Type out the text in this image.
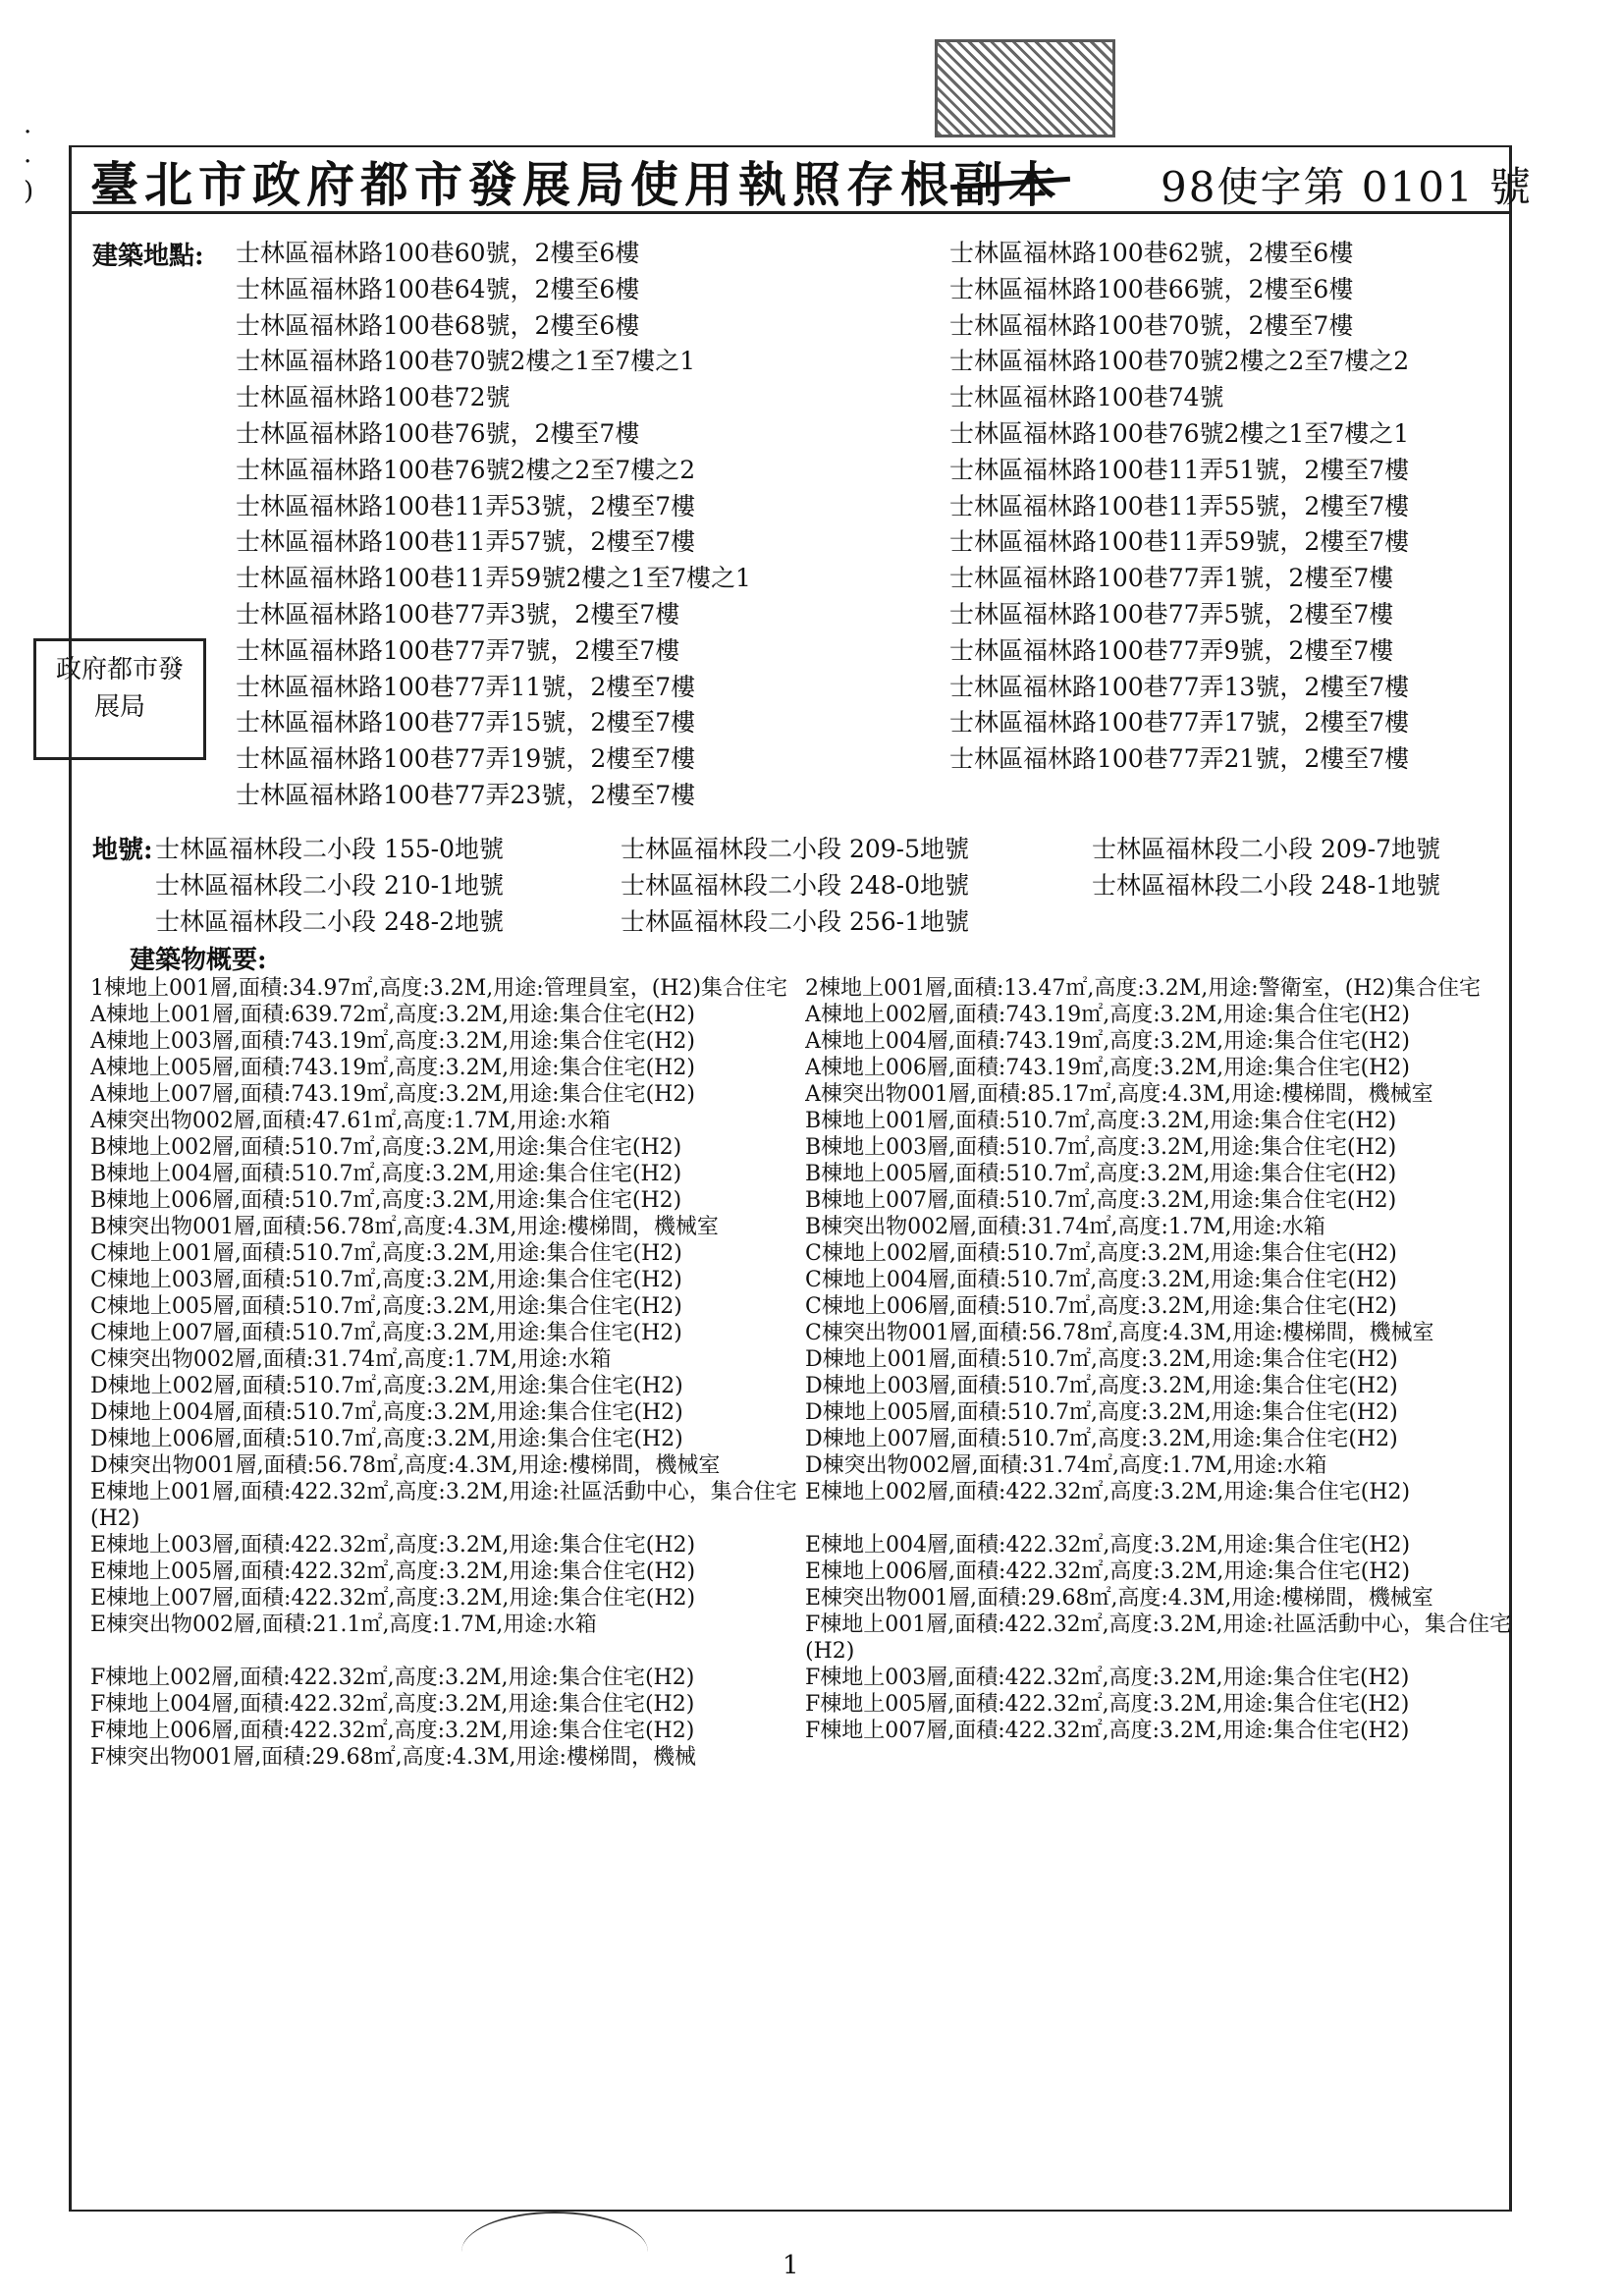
·
·
) 臺北市政府都市發展局使用執照存根副本 98使字第 0101 號
建築地點: 士林區福林路100巷60號，2樓至6樓
士林區福林路100巷64號，2樓至6樓
士林區福林路100巷68號，2樓至6樓
士林區福林路100巷70號2樓之1至7樓之1
士林區福林路100巷72號
士林區福林路100巷76號，2樓至7樓
士林區福林路100巷76號2樓之2至7樓之2
士林區福林路100巷11弄53號，2樓至7樓
士林區福林路100巷11弄57號，2樓至7樓
士林區福林路100巷11弄59號2樓之1至7樓之1
士林區福林路100巷77弄3號，2樓至7樓
士林區福林路100巷77弄7號，2樓至7樓
士林區福林路100巷77弄11號，2樓至7樓
士林區福林路100巷77弄15號，2樓至7樓
士林區福林路100巷77弄19號，2樓至7樓
士林區福林路100巷77弄23號，2樓至7樓
士林區福林路100巷62號，2樓至6樓
士林區福林路100巷66號，2樓至6樓
士林區福林路100巷70號，2樓至7樓
士林區福林路100巷70號2樓之2至7樓之2
士林區福林路100巷74號
士林區福林路100巷76號2樓之1至7樓之1
士林區福林路100巷11弄51號，2樓至7樓
士林區福林路100巷11弄55號，2樓至7樓
士林區福林路100巷11弄59號，2樓至7樓
士林區福林路100巷77弄1號，2樓至7樓
士林區福林路100巷77弄5號，2樓至7樓
士林區福林路100巷77弄9號，2樓至7樓
士林區福林路100巷77弄13號，2樓至7樓
士林區福林路100巷77弄17號，2樓至7樓
士林區福林路100巷77弄21號，2樓至7樓
政府都市發展局
地號: 士林區福林段二小段 155-0地號	士林區福林段二小段 209-5地號	士林區福林段二小段 209-7地號
士林區福林段二小段 210-1地號	士林區福林段二小段 248-0地號	士林區福林段二小段 248-1地號
士林區福林段二小段 248-2地號	士林區福林段二小段 256-1地號
建築物概要:
1棟地上001層,面積:34.97㎡,高度:3.2M,用途:管理員室，(H2)集合住宅
A棟地上001層,面積:639.72㎡,高度:3.2M,用途:集合住宅(H2)
A棟地上003層,面積:743.19㎡,高度:3.2M,用途:集合住宅(H2)
A棟地上005層,面積:743.19㎡,高度:3.2M,用途:集合住宅(H2)
A棟地上007層,面積:743.19㎡,高度:3.2M,用途:集合住宅(H2)
A棟突出物002層,面積:47.61㎡,高度:1.7M,用途:水箱
B棟地上002層,面積:510.7㎡,高度:3.2M,用途:集合住宅(H2)
B棟地上004層,面積:510.7㎡,高度:3.2M,用途:集合住宅(H2)
B棟地上006層,面積:510.7㎡,高度:3.2M,用途:集合住宅(H2)
B棟突出物001層,面積:56.78㎡,高度:4.3M,用途:樓梯間，機械室
C棟地上001層,面積:510.7㎡,高度:3.2M,用途:集合住宅(H2)
C棟地上003層,面積:510.7㎡,高度:3.2M,用途:集合住宅(H2)
C棟地上005層,面積:510.7㎡,高度:3.2M,用途:集合住宅(H2)
C棟地上007層,面積:510.7㎡,高度:3.2M,用途:集合住宅(H2)
C棟突出物002層,面積:31.74㎡,高度:1.7M,用途:水箱
D棟地上002層,面積:510.7㎡,高度:3.2M,用途:集合住宅(H2)
D棟地上004層,面積:510.7㎡,高度:3.2M,用途:集合住宅(H2)
D棟地上006層,面積:510.7㎡,高度:3.2M,用途:集合住宅(H2)
D棟突出物001層,面積:56.78㎡,高度:4.3M,用途:樓梯間，機械室
E棟地上001層,面積:422.32㎡,高度:3.2M,用途:社區活動中心，集合住宅(H2)
E棟地上003層,面積:422.32㎡,高度:3.2M,用途:集合住宅(H2)
E棟地上005層,面積:422.32㎡,高度:3.2M,用途:集合住宅(H2)
E棟地上007層,面積:422.32㎡,高度:3.2M,用途:集合住宅(H2)
E棟突出物002層,面積:21.1㎡,高度:1.7M,用途:水箱
F棟地上002層,面積:422.32㎡,高度:3.2M,用途:集合住宅(H2)
F棟地上004層,面積:422.32㎡,高度:3.2M,用途:集合住宅(H2)
F棟地上006層,面積:422.32㎡,高度:3.2M,用途:集合住宅(H2)
F棟突出物001層,面積:29.68㎡,高度:4.3M,用途:樓梯間，機械
2棟地上001層,面積:13.47㎡,高度:3.2M,用途:警衛室，(H2)集合住宅
A棟地上002層,面積:743.19㎡,高度:3.2M,用途:集合住宅(H2)
A棟地上004層,面積:743.19㎡,高度:3.2M,用途:集合住宅(H2)
A棟地上006層,面積:743.19㎡,高度:3.2M,用途:集合住宅(H2)
A棟突出物001層,面積:85.17㎡,高度:4.3M,用途:樓梯間，機械室
B棟地上001層,面積:510.7㎡,高度:3.2M,用途:集合住宅(H2)
B棟地上003層,面積:510.7㎡,高度:3.2M,用途:集合住宅(H2)
B棟地上005層,面積:510.7㎡,高度:3.2M,用途:集合住宅(H2)
B棟地上007層,面積:510.7㎡,高度:3.2M,用途:集合住宅(H2)
B棟突出物002層,面積:31.74㎡,高度:1.7M,用途:水箱
C棟地上002層,面積:510.7㎡,高度:3.2M,用途:集合住宅(H2)
C棟地上004層,面積:510.7㎡,高度:3.2M,用途:集合住宅(H2)
C棟地上006層,面積:510.7㎡,高度:3.2M,用途:集合住宅(H2)
C棟突出物001層,面積:56.78㎡,高度:4.3M,用途:樓梯間，機械室
D棟地上001層,面積:510.7㎡,高度:3.2M,用途:集合住宅(H2)
D棟地上003層,面積:510.7㎡,高度:3.2M,用途:集合住宅(H2)
D棟地上005層,面積:510.7㎡,高度:3.2M,用途:集合住宅(H2)
D棟地上007層,面積:510.7㎡,高度:3.2M,用途:集合住宅(H2)
D棟突出物002層,面積:31.74㎡,高度:1.7M,用途:水箱
E棟地上002層,面積:422.32㎡,高度:3.2M,用途:集合住宅(H2)
E棟地上004層,面積:422.32㎡,高度:3.2M,用途:集合住宅(H2)
E棟地上006層,面積:422.32㎡,高度:3.2M,用途:集合住宅(H2)
E棟突出物001層,面積:29.68㎡,高度:4.3M,用途:樓梯間，機械室
F棟地上001層,面積:422.32㎡,高度:3.2M,用途:社區活動中心，集合住宅(H2)
F棟地上003層,面積:422.32㎡,高度:3.2M,用途:集合住宅(H2)
F棟地上005層,面積:422.32㎡,高度:3.2M,用途:集合住宅(H2)
F棟地上007層,面積:422.32㎡,高度:3.2M,用途:集合住宅(H2)
1
